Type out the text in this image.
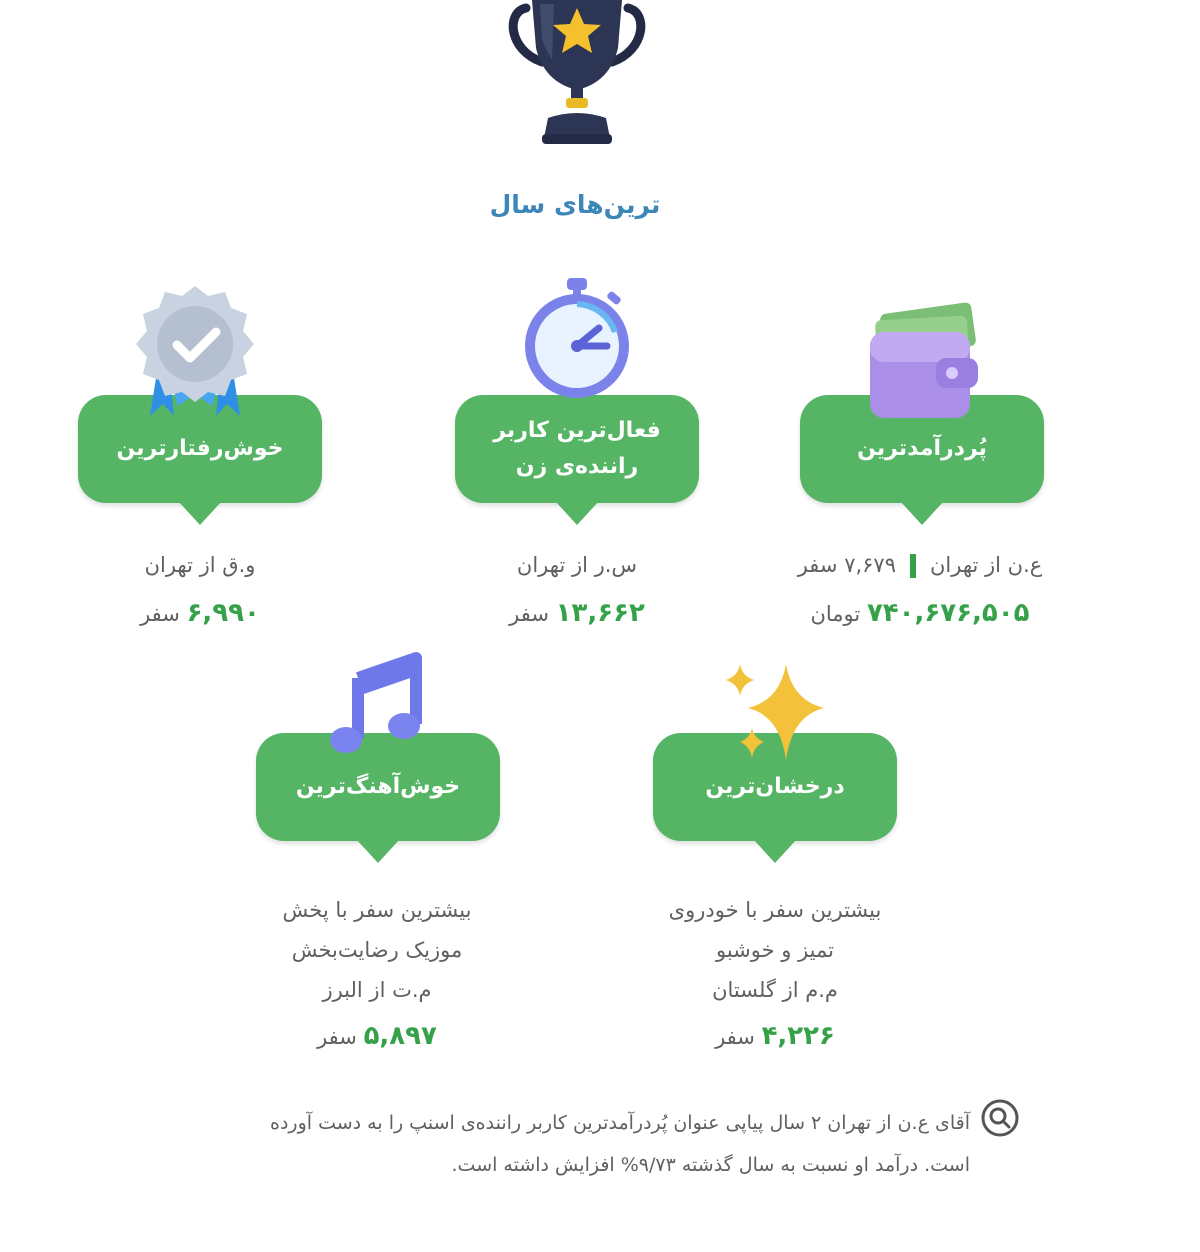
ترین‌های سال
پُردرآمدترین
ع.ن از تهران۷,۶۷۹ سفر
۷۴۰,۶۷۶,۵۰۵ تومان
فعال‌ترین کاربر
راننده‌ی زن
س.ر از تهران
۱۳,۶۶۲ سفر
خوش‌رفتارترین
و.ق از تهران
۶,۹۹۰ سفر
درخشان‌ترین
بیشترین سفر با خودروی
تمیز و خوشبو
م.م از گلستان
۴,۲۲۶ سفر
خوش‌آهنگ‌ترین
بیشترین سفر با پخش
موزیک رضایت‌بخش
م.ت از البرز
۵,۸۹۷ سفر
آقای ع.ن از تهران ۲ سال پیاپی عنوان پُردرآمدترین کاربر راننده‌ی اسنپ را به دست آورده
است. درآمد او نسبت به سال گذشته ۹/۷۳% افزایش داشته است.
